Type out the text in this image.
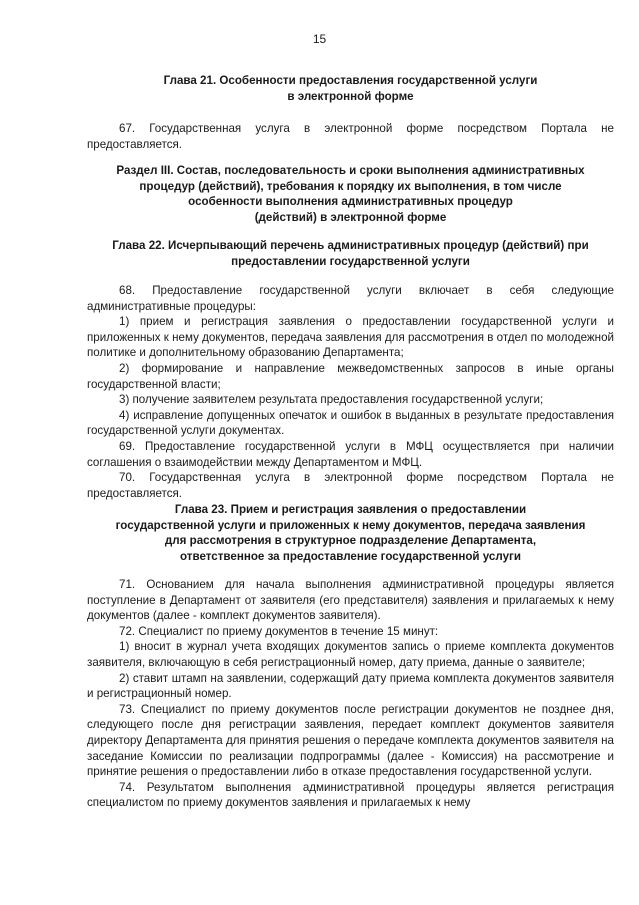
15
Глава 21. Особенности предоставления государственной услуги
в электронной форме
67. Государственная услуга в электронной форме посредством Портала не предоставляется.
Раздел III. Состав, последовательность и сроки выполнения административных
процедур (действий), требования к порядку их выполнения, в том числе
особенности выполнения административных процедур
(действий) в электронной форме
Глава 22. Исчерпывающий перечень административных процедур (действий) при
предоставлении государственной услуги
68. Предоставление государственной услуги включает в себя следующие административные процедуры:
1) прием и регистрация заявления о предоставлении государственной услуги и приложенных к нему документов, передача заявления для рассмотрения в отдел по молодежной политике и дополнительному образованию Департамента;
2) формирование и направление межведомственных запросов в иные органы государственной власти;
3) получение заявителем результата предоставления государственной услуги;
4) исправление допущенных опечаток и ошибок в выданных в результате предоставления государственной услуги документах.
69. Предоставление государственной услуги в МФЦ осуществляется при наличии соглашения о взаимодействии между Департаментом и МФЦ.
70. Государственная услуга в электронной форме посредством Портала не предоставляется.
Глава 23. Прием и регистрация заявления о предоставлении
государственной услуги и приложенных к нему документов, передача заявления
для рассмотрения в структурное подразделение Департамента,
ответственное за предоставление государственной услуги
71. Основанием для начала выполнения административной процедуры является поступление в Департамент от заявителя (его представителя) заявления и прилагаемых к нему документов (далее - комплект документов заявителя).
72. Специалист по приему документов в течение 15 минут:
1) вносит в журнал учета входящих документов запись о приеме комплекта документов заявителя, включающую в себя регистрационный номер, дату приема, данные о заявителе;
2) ставит штамп на заявлении, содержащий дату приема комплекта документов заявителя и регистрационный номер.
73. Специалист по приему документов после регистрации документов не позднее дня, следующего после дня регистрации заявления, передает комплект документов заявителя директору Департамента для принятия решения о передаче комплекта документов заявителя на заседание Комиссии по реализации подпрограммы (далее - Комиссия) на рассмотрение и принятие решения о предоставлении либо в отказе предоставления государственной услуги.
74. Результатом выполнения административной процедуры является регистрация специалистом по приему документов заявления и прилагаемых к нему
